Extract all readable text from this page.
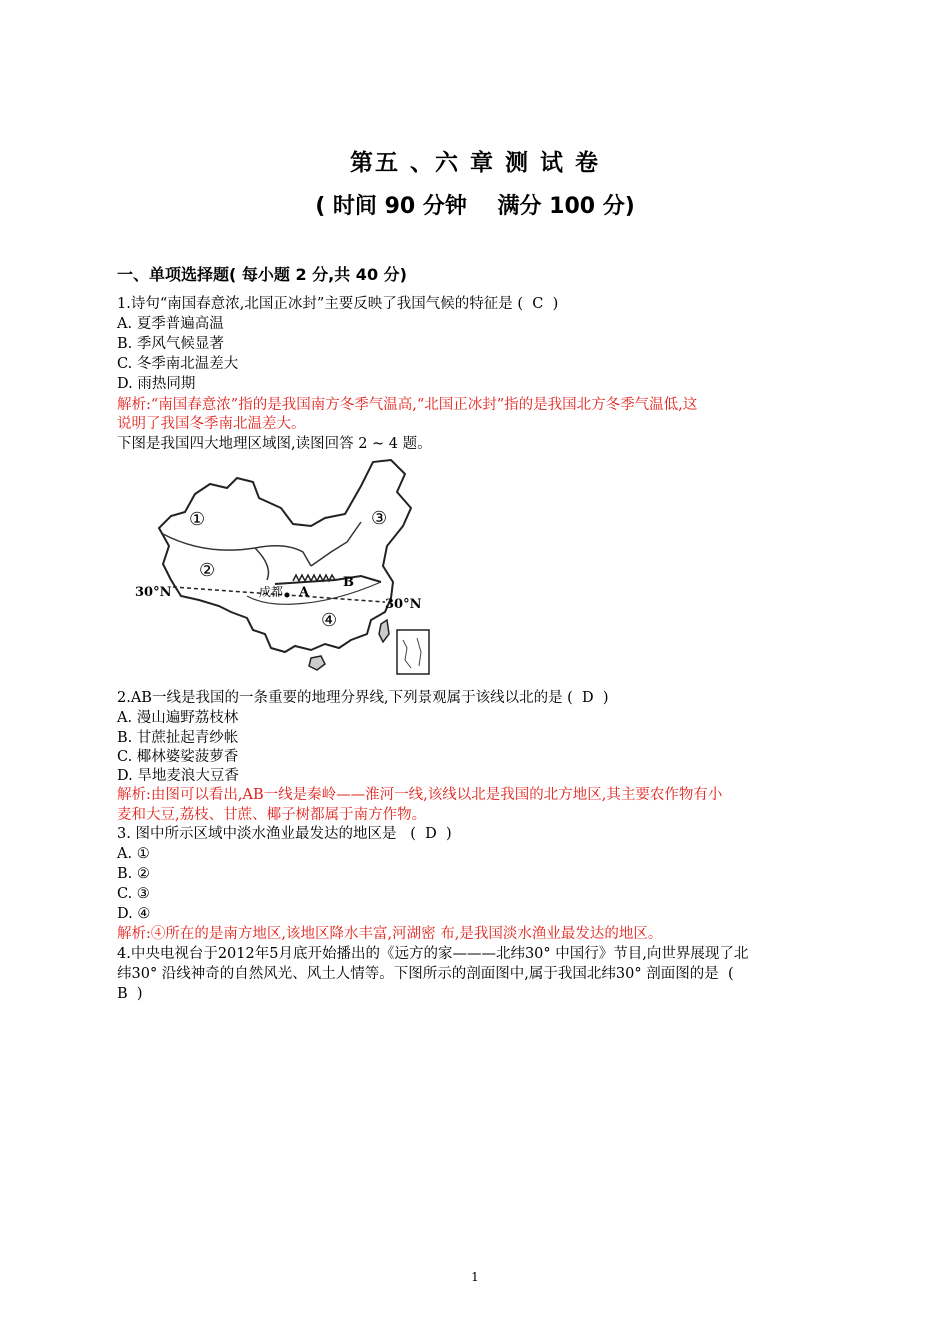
第五 、六 章 测 试 卷
( 时间 90 分钟    满分 100 分)
一、单项选择题( 每小题 2 分,共 40 分)
1.诗句“南国春意浓,北国正冰封”主要反映了我国气候的特征是 (  C  )
A. 夏季普遍高温
B. 季风气候显著
C. 冬季南北温差大
D. 雨热同期
解析:“南国春意浓”指的是我国南方冬季气温高,“北国正冰封”指的是我国北方冬季气温低,这
说明了我国冬季南北温差大。
下图是我国四大地理区域图,读图回答 2 ~ 4 题。
①
②
③
④
30°N
30°N
成都 A
B
2.AB一线是我国的一条重要的地理分界线,下列景观属于该线以北的是 (  D  )
A. 漫山遍野荔枝林
B. 甘蔗扯起青纱帐
C. 椰林婆娑菠萝香
D. 旱地麦浪大豆香
解析:由图可以看出,AB一线是秦岭——淮河一线,该线以北是我国的北方地区,其主要农作物有小
麦和大豆,荔枝、甘蔗、椰子树都属于南方作物。
3. 图中所示区域中淡水渔业最发达的地区是   (  D  )
A. ①
B. ②
C. ③
D. ④
解析:④所在的是南方地区,该地区降水丰富,河湖密 布,是我国淡水渔业最发达的地区。
4.中央电视台于2012年5月底开始播出的《远方的家———北纬30° 中国行》节目,向世界展现了北
纬30° 沿线神奇的自然风光、风土人情等。下图所示的剖面图中,属于我国北纬30° 剖面图的是  (
B  )
1
